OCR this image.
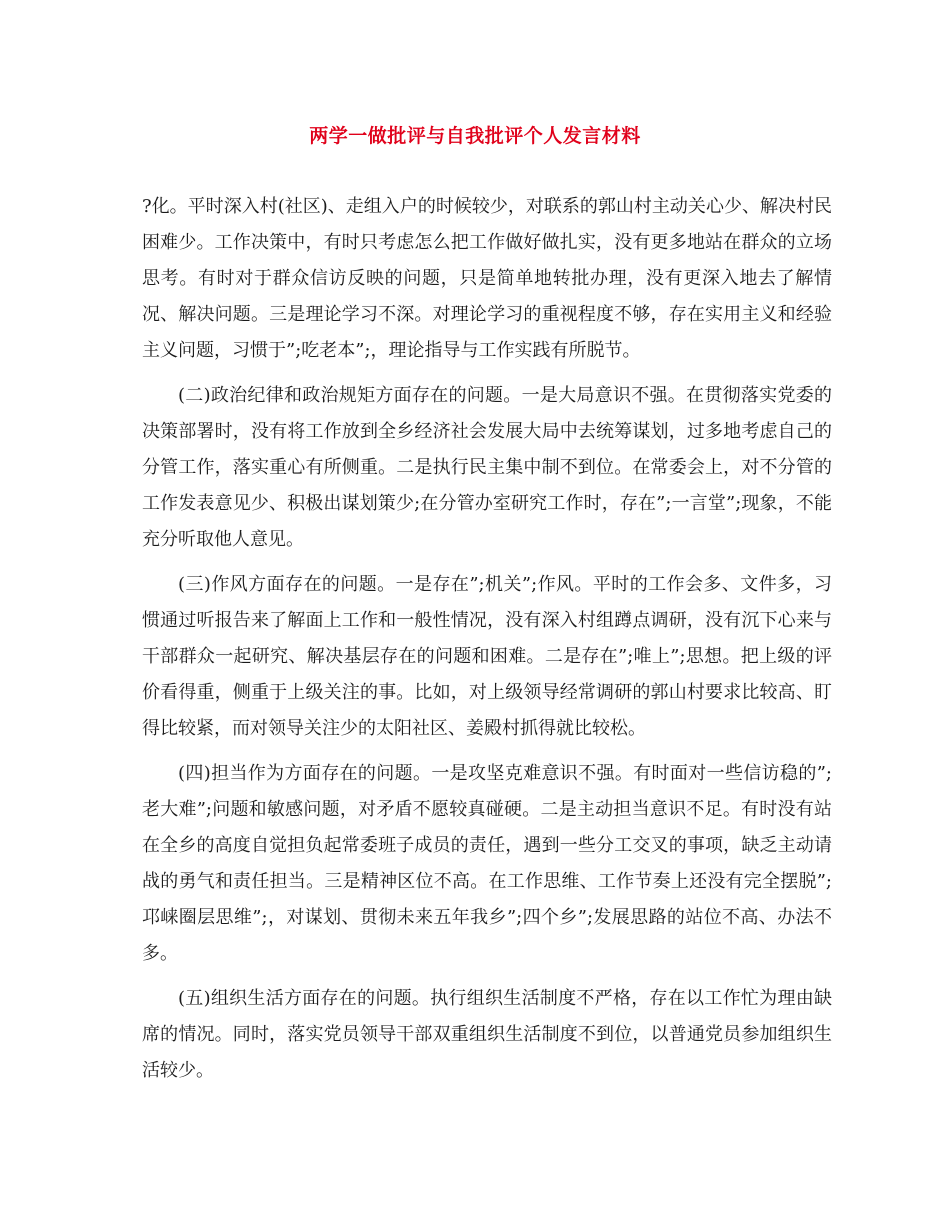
两学一做批评与自我批评个人发言材料

?化。平时深入村(社区)、走组入户的时候较少，对联系的郭山村主动关心少、解决村民困难少。工作决策中，有时只考虑怎么把工作做好做扎实，没有更多地站在群众的立场思考。有时对于群众信访反映的问题，只是简单地转批办理，没有更深入地去了解情况、解决问题。三是理论学习不深。对理论学习的重视程度不够，存在实用主义和经验主义问题，习惯于”;吃老本”;，理论指导与工作实践有所脱节。

(二)政治纪律和政治规矩方面存在的问题。一是大局意识不强。在贯彻落实党委的决策部署时，没有将工作放到全乡经济社会发展大局中去统筹谋划，过多地考虑自己的分管工作，落实重心有所侧重。二是执行民主集中制不到位。在常委会上，对不分管的工作发表意见少、积极出谋划策少;在分管办室研究工作时，存在”;一言堂”;现象，不能充分听取他人意见。

(三)作风方面存在的问题。一是存在”;机关”;作风。平时的工作会多、文件多，习惯通过听报告来了解面上工作和一般性情况，没有深入村组蹲点调研，没有沉下心来与干部群众一起研究、解决基层存在的问题和困难。二是存在”;唯上”;思想。把上级的评价看得重，侧重于上级关注的事。比如，对上级领导经常调研的郭山村要求比较高、盯得比较紧，而对领导关注少的太阳社区、姜殿村抓得就比较松。

(四)担当作为方面存在的问题。一是攻坚克难意识不强。有时面对一些信访稳的”;老大难”;问题和敏感问题，对矛盾不愿较真碰硬。二是主动担当意识不足。有时没有站在全乡的高度自觉担负起常委班子成员的责任，遇到一些分工交叉的事项，缺乏主动请战的勇气和责任担当。三是精神区位不高。在工作思维、工作节奏上还没有完全摆脱”;邛崃圈层思维”;，对谋划、贯彻未来五年我乡”;四个乡”;发展思路的站位不高、办法不多。

(五)组织生活方面存在的问题。执行组织生活制度不严格，存在以工作忙为理由缺席的情况。同时，落实党员领导干部双重组织生活制度不到位，以普通党员参加组织生活较少。
